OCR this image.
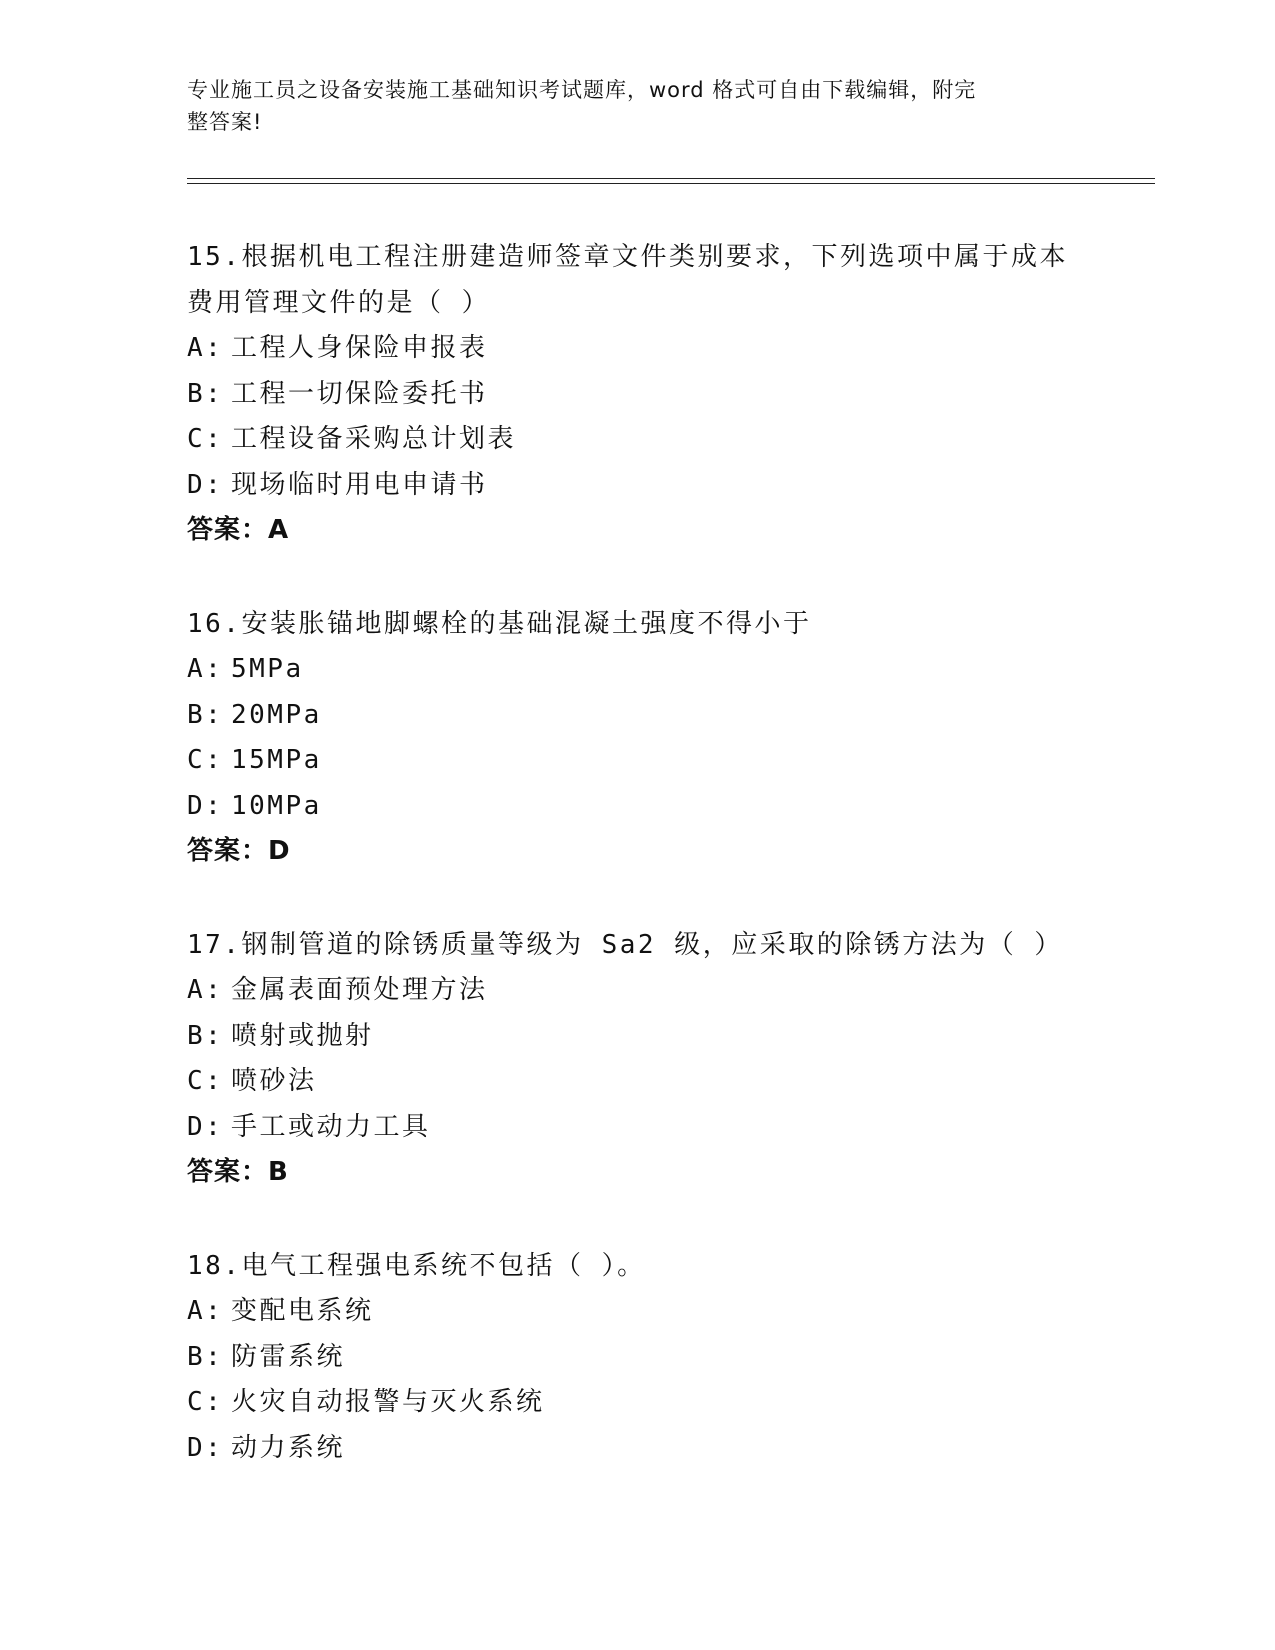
专业施工员之设备安装施工基础知识考试题库，word 格式可自由下载编辑，附完
整答案!
15.根据机电工程注册建造师签章文件类别要求，下列选项中属于成本
费用管理文件的是（ ）
A: 工程人身保险申报表
B: 工程一切保险委托书
C: 工程设备采购总计划表
D: 现场临时用电申请书
答案：A
16.安装胀锚地脚螺栓的基础混凝土强度不得小于
A: 5MPa
B: 20MPa
C: 15MPa
D: 10MPa
答案：D
17.钢制管道的除锈质量等级为 Sa2 级，应采取的除锈方法为（ ）
A: 金属表面预处理方法
B: 喷射或抛射
C: 喷砂法
D: 手工或动力工具
答案：B
18.电气工程强电系统不包括（ ）。
A: 变配电系统
B: 防雷系统
C: 火灾自动报警与灭火系统
D: 动力系统
